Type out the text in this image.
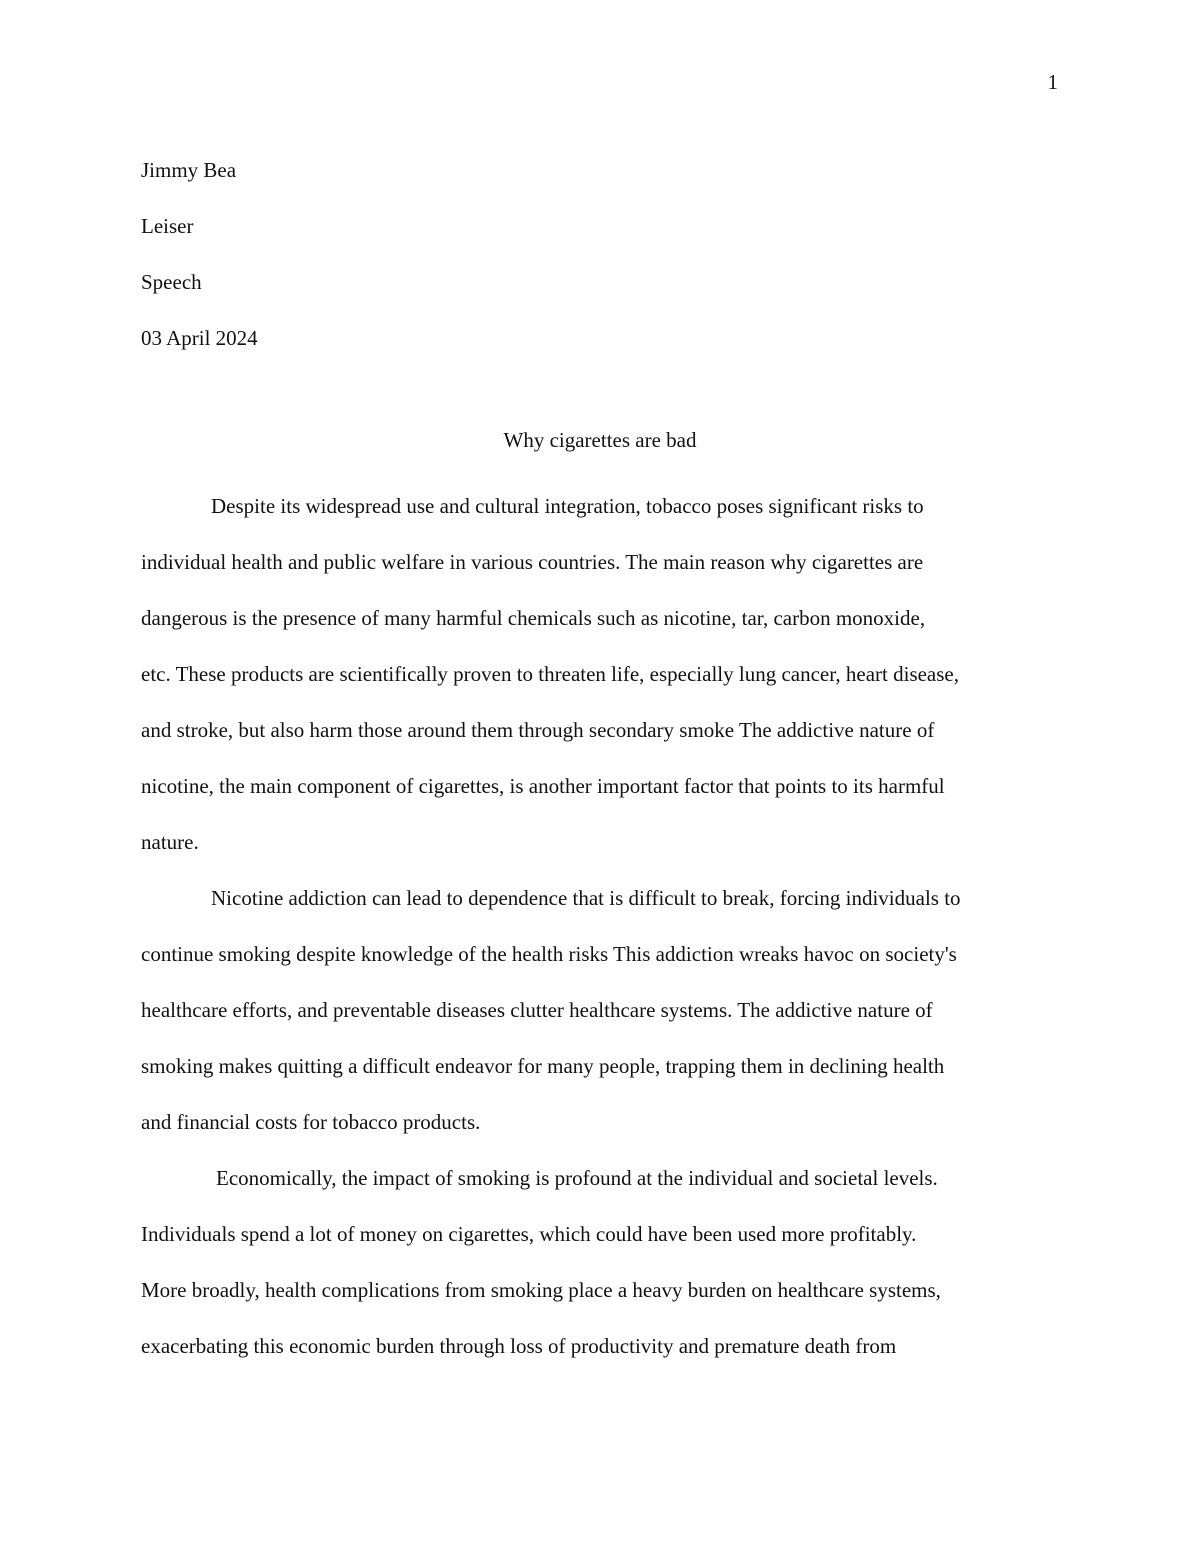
1
Jimmy Bea
Leiser
Speech
03 April 2024
Why cigarettes are bad
Despite its widespread use and cultural integration, tobacco poses significant risks to
individual health and public welfare in various countries. The main reason why cigarettes are
dangerous is the presence of many harmful chemicals such as nicotine, tar, carbon monoxide,
etc. These products are scientifically proven to threaten life, especially lung cancer, heart disease,
and stroke, but also harm those around them through secondary smoke The addictive nature of
nicotine, the main component of cigarettes, is another important factor that points to its harmful
nature.
Nicotine addiction can lead to dependence that is difficult to break, forcing individuals to
continue smoking despite knowledge of the health risks This addiction wreaks havoc on society's
healthcare efforts, and preventable diseases clutter healthcare systems. The addictive nature of
smoking makes quitting a difficult endeavor for many people, trapping them in declining health
and financial costs for tobacco products.
Economically, the impact of smoking is profound at the individual and societal levels.
Individuals spend a lot of money on cigarettes, which could have been used more profitably.
More broadly, health complications from smoking place a heavy burden on healthcare systems,
exacerbating this economic burden through loss of productivity and premature death from
